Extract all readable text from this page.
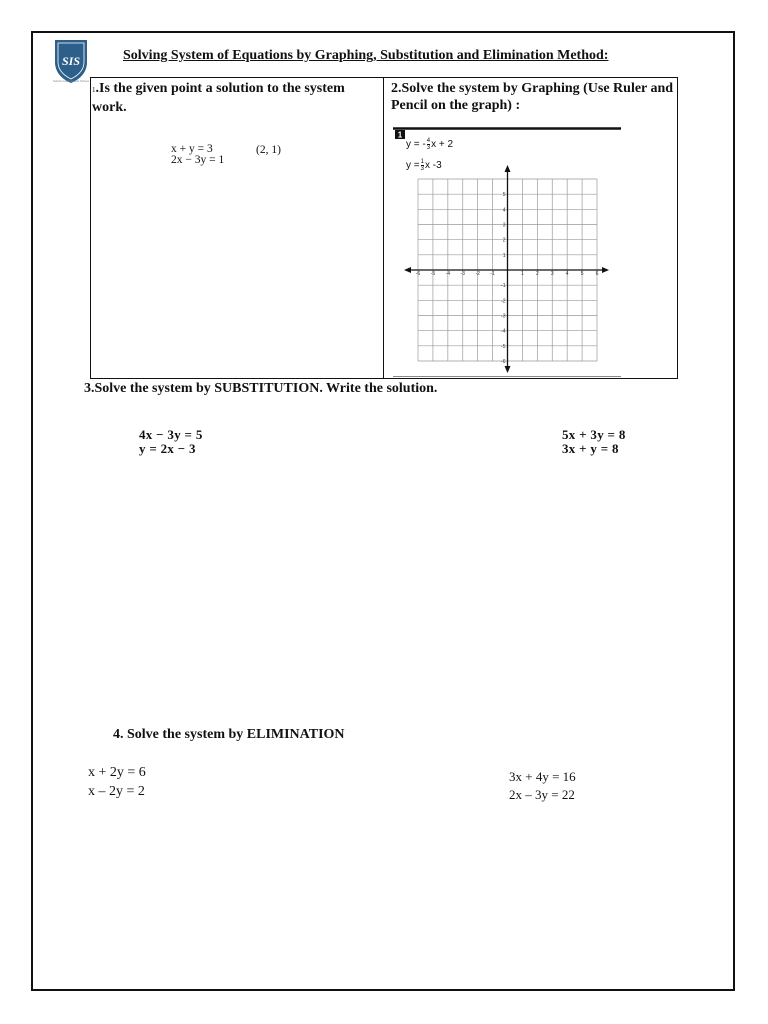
SIS
Sahab International School
Solving System of Equations by Graphing, Substitution and Elimination Method:
1.Is the given point a solution to the system work.
x + y = 3
2x − 3y = 1
(2, 1)
2.Solve the system by Graphing (Use Ruler and Pencil on the graph) :
1
-6 -5 -4 -3 -2 -1	1 2 3 4 5 6
5
4
3
2
1
-1
-2
-3
-4
-5
-6
y = - $\frac{4}{3}$ x + 2
$y = \frac{1}{3}$ x -3
3.Solve the system by SUBSTITUTION. Write the solution.
4x − 3y = 5
y = 2x − 3
5x + 3y = 8
3x + y = 8
4. Solve the system by ELIMINATION
x + 2y = 6
x – 2y = 2
3x + 4y = 16
2x – 3y = 22
